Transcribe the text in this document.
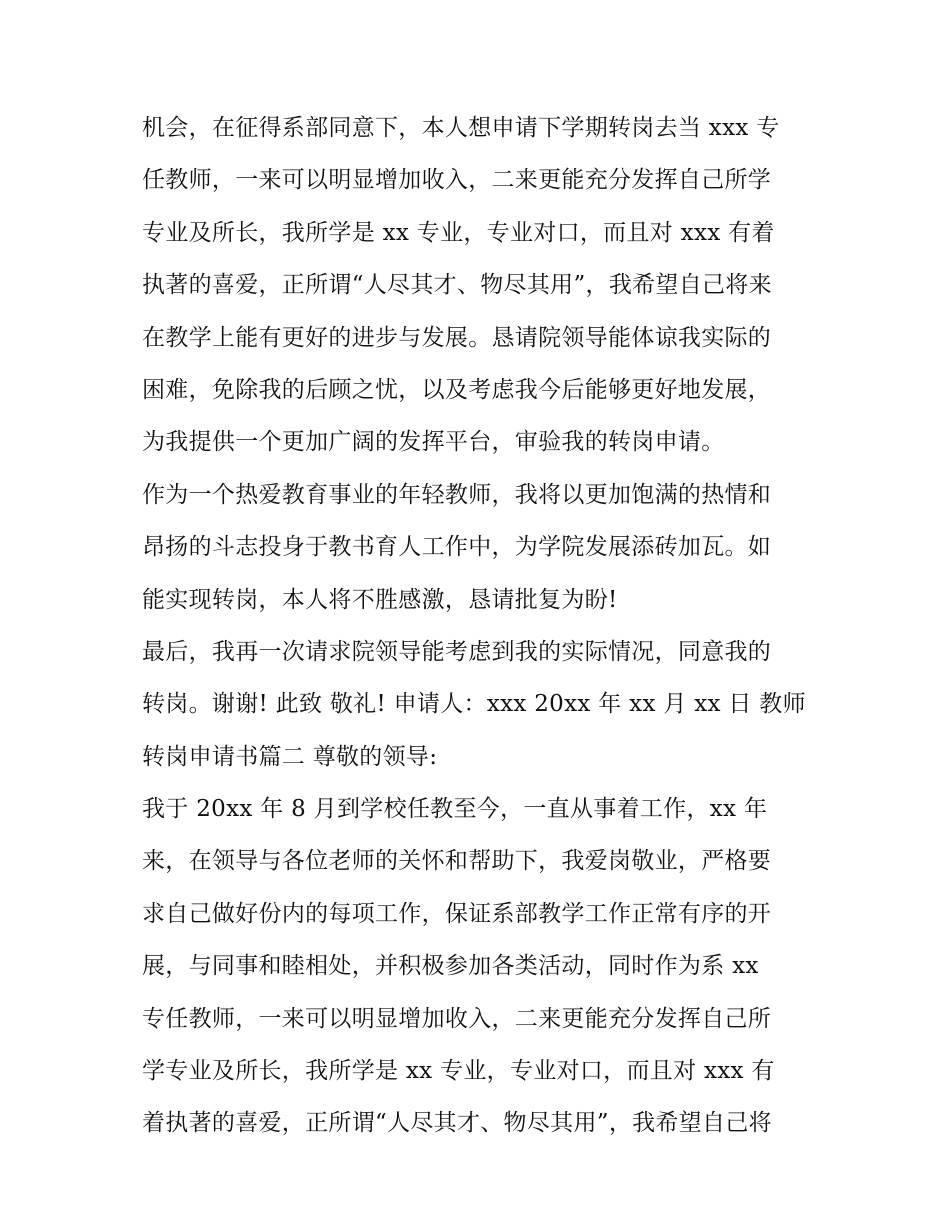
机会，在征得系部同意下，本人想申请下学期转岗去当 xxx 专
任教师，一来可以明显增加收入，二来更能充分发挥自己所学
专业及所长，我所学是 xx 专业，专业对口，而且对 xxx 有着
执著的喜爱，正所谓“人尽其才、物尽其用”，我希望自己将来
在教学上能有更好的进步与发展。恳请院领导能体谅我实际的
困难，免除我的后顾之忧，以及考虑我今后能够更好地发展，
为我提供一个更加广阔的发挥平台，审验我的转岗申请。
作为一个热爱教育事业的年轻教师，我将以更加饱满的热情和
昂扬的斗志投身于教书育人工作中，为学院发展添砖加瓦。如
能实现转岗，本人将不胜感激，恳请批复为盼!
最后，我再一次请求院领导能考虑到我的实际情况，同意我的
转岗。谢谢! 此致 敬礼! 申请人：xxx 20xx 年 xx 月 xx 日 教师
转岗申请书篇二 尊敬的领导:
我于 20xx 年 8 月到学校任教至今，一直从事着工作，xx 年
来，在领导与各位老师的关怀和帮助下，我爱岗敬业，严格要
求自己做好份内的每项工作，保证系部教学工作正常有序的开
展，与同事和睦相处，并积极参加各类活动，同时作为系 xx
专任教师，一来可以明显增加收入，二来更能充分发挥自己所
学专业及所长，我所学是 xx 专业，专业对口，而且对 xxx 有
着执著的喜爱，正所谓“人尽其才、物尽其用”，我希望自己将
